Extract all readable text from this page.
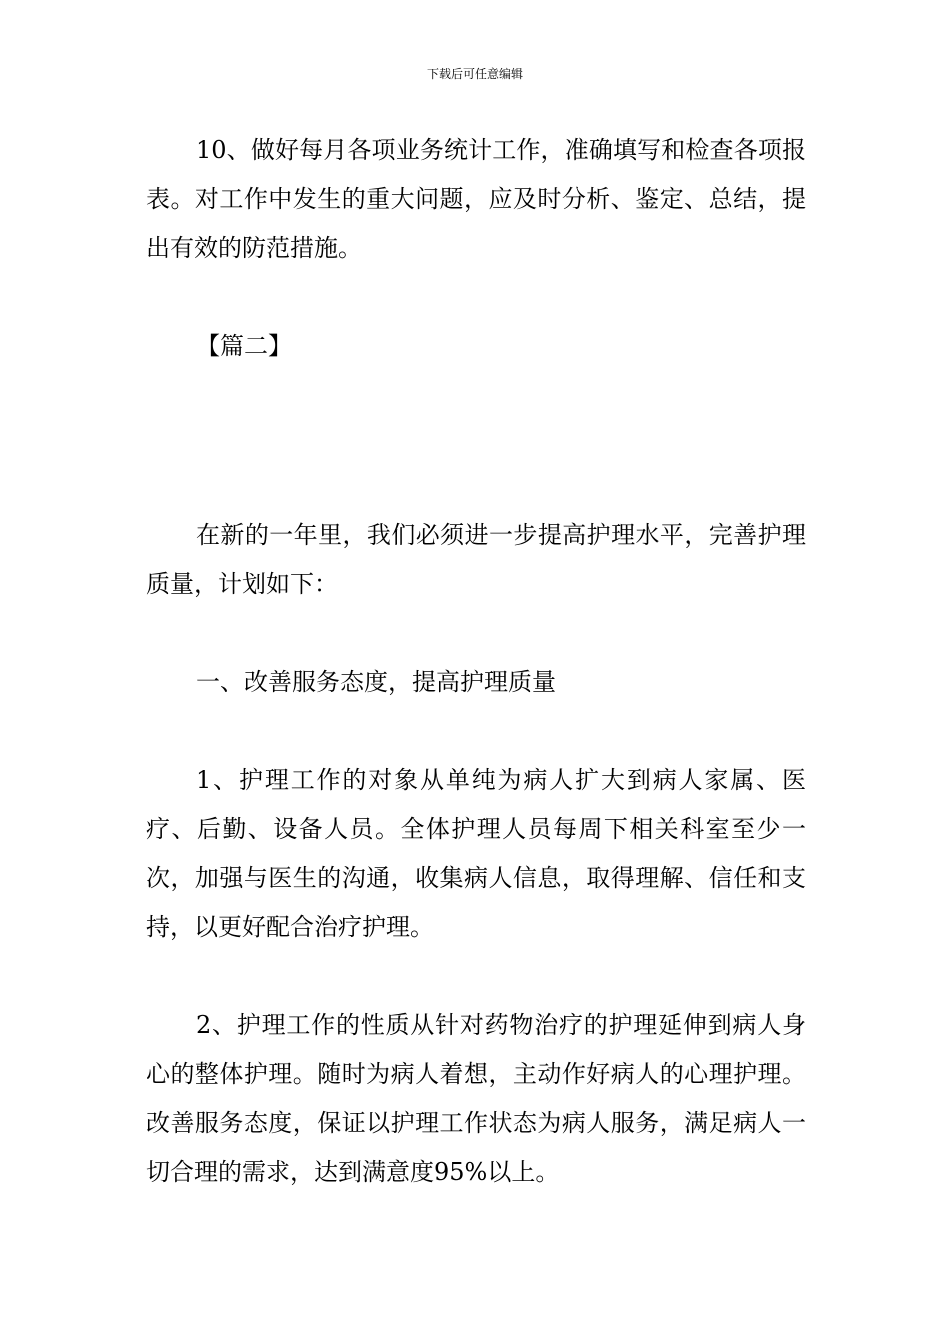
下载后可任意编辑

10、做好每月各项业务统计工作，准确填写和检查各项报表。对工作中发生的重大问题，应及时分析、鉴定、总结，提出有效的防范措施。

【篇二】

在新的一年里，我们必须进一步提高护理水平，完善护理质量，计划如下：

一、改善服务态度，提高护理质量

1、护理工作的对象从单纯为病人扩大到病人家属、医疗、后勤、设备人员。全体护理人员每周下相关科室至少一次，加强与医生的沟通，收集病人信息，取得理解、信任和支持，以更好配合治疗护理。

2、护理工作的性质从针对药物治疗的护理延伸到病人身心的整体护理。随时为病人着想，主动作好病人的心理护理。改善服务态度，保证以护理工作状态为病人服务，满足病人一切合理的需求，达到满意度95%以上。
